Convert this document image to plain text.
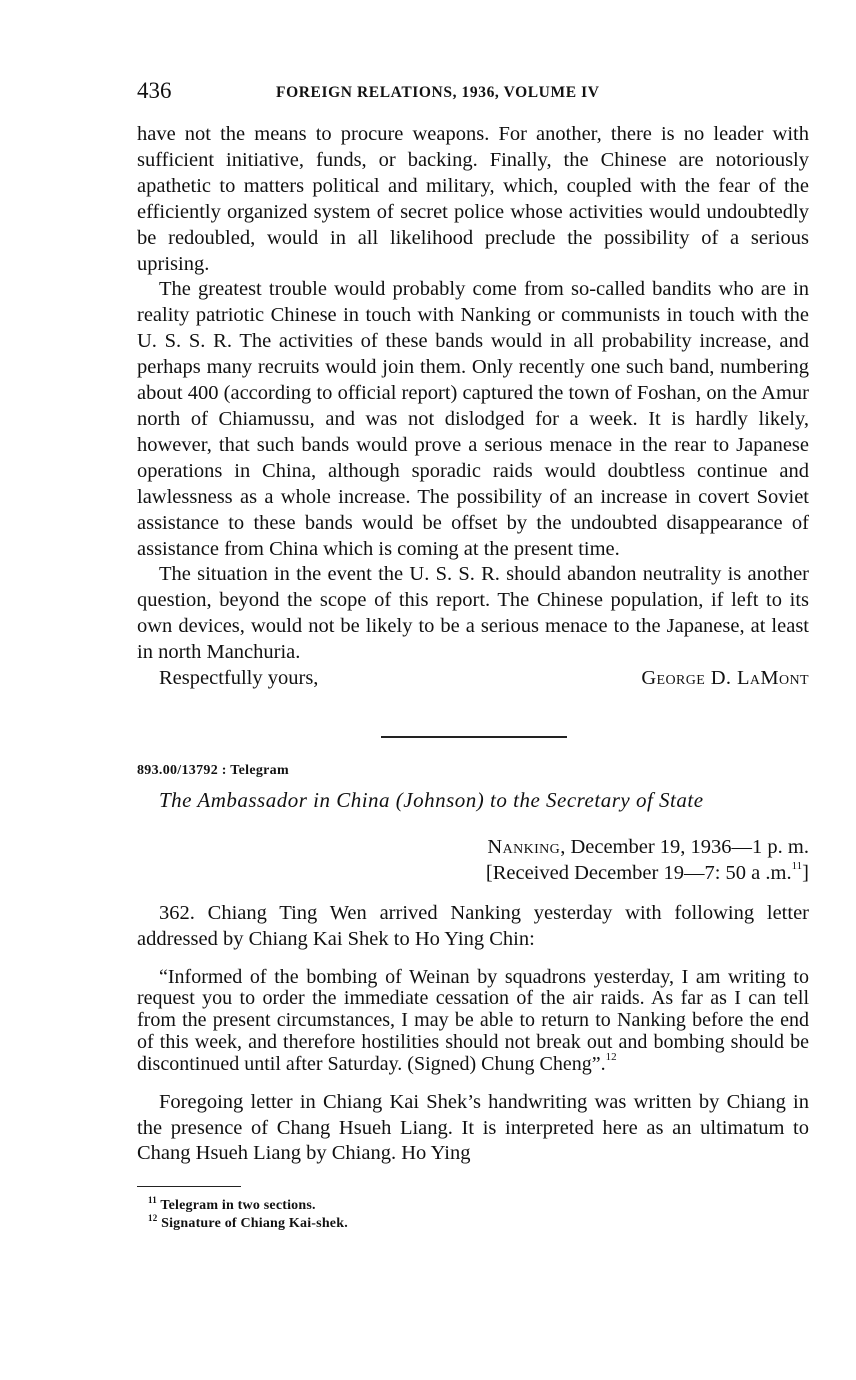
436	FOREIGN RELATIONS, 1936, VOLUME IV

have not the means to procure weapons. For another, there is no leader with sufficient initiative, funds, or backing. Finally, the Chinese are notoriously apathetic to matters political and military, which, coupled with the fear of the efficiently organized system of secret police whose activities would undoubtedly be redoubled, would in all likelihood preclude the possibility of a serious uprising.

The greatest trouble would probably come from so-called bandits who are in reality patriotic Chinese in touch with Nanking or communists in touch with the U. S. S. R. The activities of these bands would in all probability increase, and perhaps many recruits would join them. Only recently one such band, numbering about 400 (according to official report) captured the town of Foshan, on the Amur north of Chiamussu, and was not dislodged for a week. It is hardly likely, however, that such bands would prove a serious menace in the rear to Japanese operations in China, although sporadic raids would doubtless continue and lawlessness as a whole increase. The possibility of an increase in covert Soviet assistance to these bands would be offset by the undoubted disappearance of assistance from China which is coming at the present time.

The situation in the event the U. S. S. R. should abandon neutrality is another question, beyond the scope of this report. The Chinese population, if left to its own devices, would not be likely to be a serious menace to the Japanese, at least in north Manchuria.

Respectfully yours,	George D. LaMont
893.00/13792 : Telegram
The Ambassador in China (Johnson) to the Secretary of State
Nanking, December 19, 1936—1 p. m.
[Received December 19—7: 50 a .m.$^{11}$]

362. Chiang Ting Wen arrived Nanking yesterday with following letter addressed by Chiang Kai Shek to Ho Ying Chin:

“Informed of the bombing of Weinan by squadrons yesterday, I am writing to request you to order the immediate cessation of the air raids. As far as I can tell from the present circumstances, I may be able to return to Nanking before the end of this week, and therefore hostilities should not break out and bombing should be discontinued until after Saturday. (Signed) Chung Cheng”.$^{12}$

Foregoing letter in Chiang Kai Shek’s handwriting was written by Chiang in the presence of Chang Hsueh Liang. It is interpreted here as an ultimatum to Chang Hsueh Liang by Chiang. Ho Ying

$^{11}$ Telegram in two sections.
$^{12}$ Signature of Chiang Kai-shek.
